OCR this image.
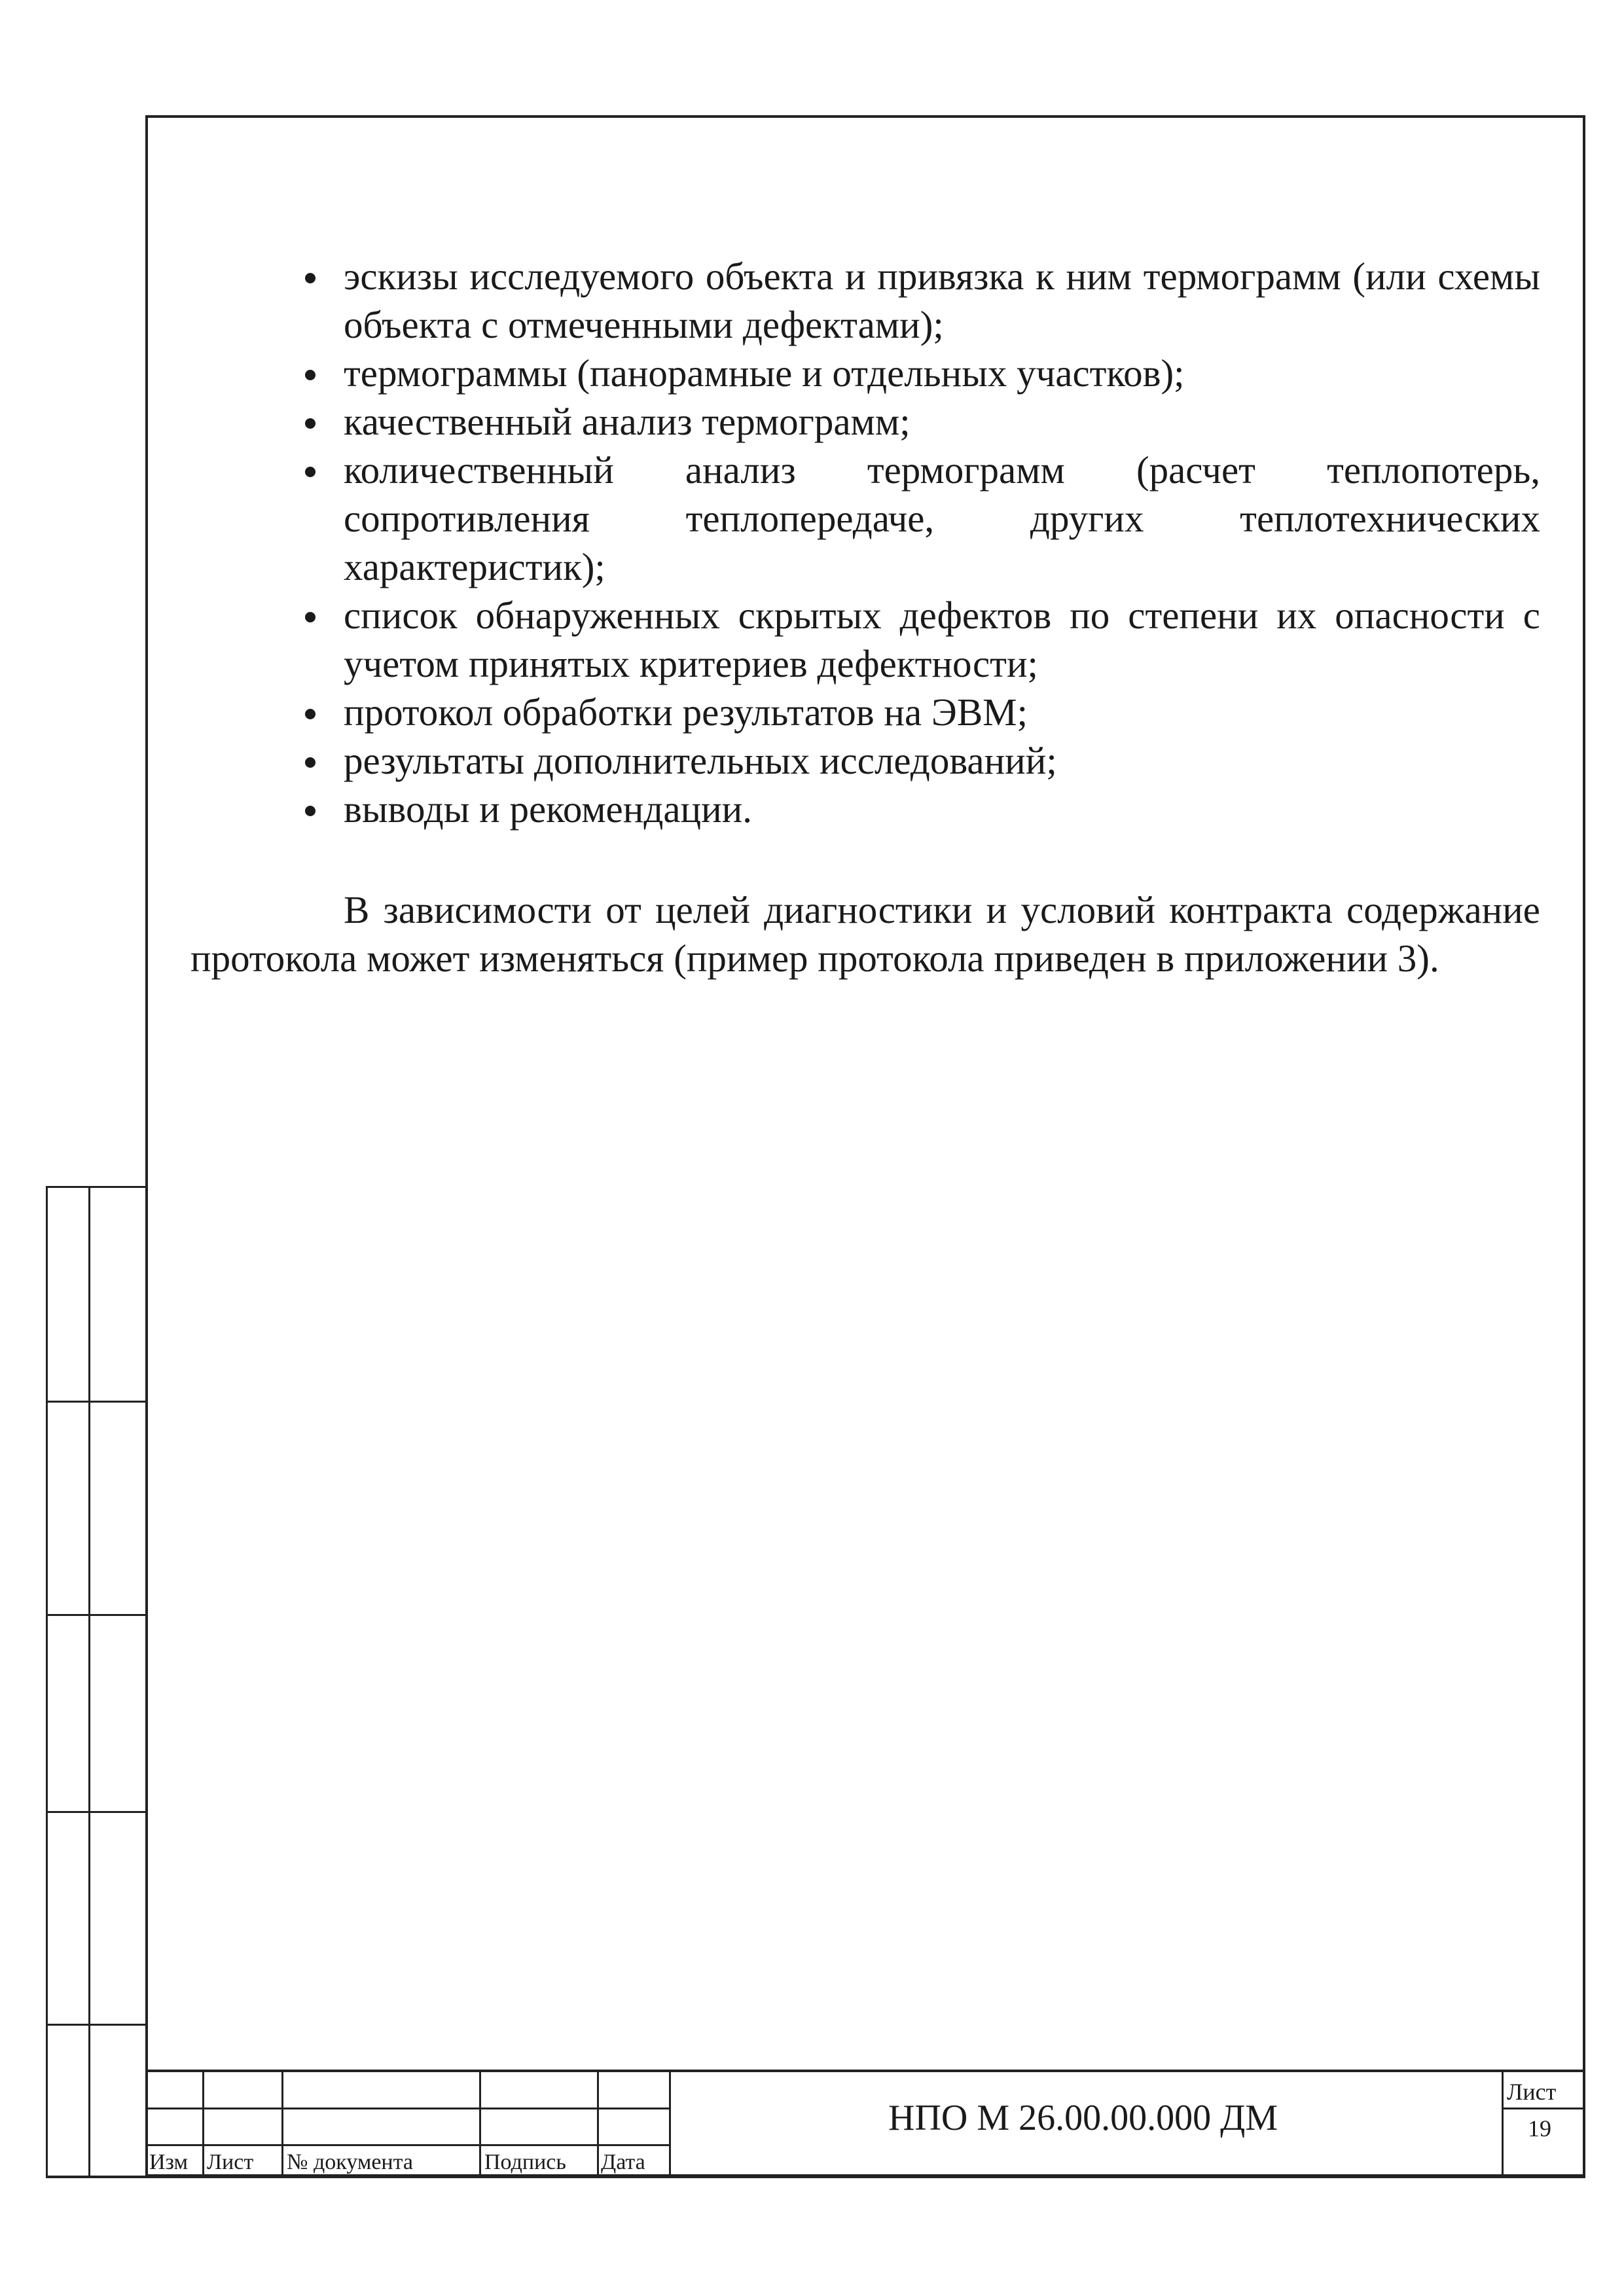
эскизы исследуемого объекта и привязка к ним термограмм (или схемы
объекта с отмеченными дефектами);
термограммы (панорамные и отдельных участков);
качественный анализ термограмм;
количественный анализ термограмм (расчет теплопотерь,
сопротивления теплопередаче, других теплотехнических
характеристик);
список обнаруженных скрытых дефектов по степени их опасности с
учетом принятых критериев дефектности;
протокол обработки результатов на ЭВМ;
результаты дополнительных исследований;
выводы и рекомендации.
В зависимости от целей диагностики и условий контракта содержание
протокола может изменяться (пример протокола приведен в приложении 3).
Изм Лист № документа	Подпись Дата
НПО М 26.00.00.000 ДМ
Лист
19
